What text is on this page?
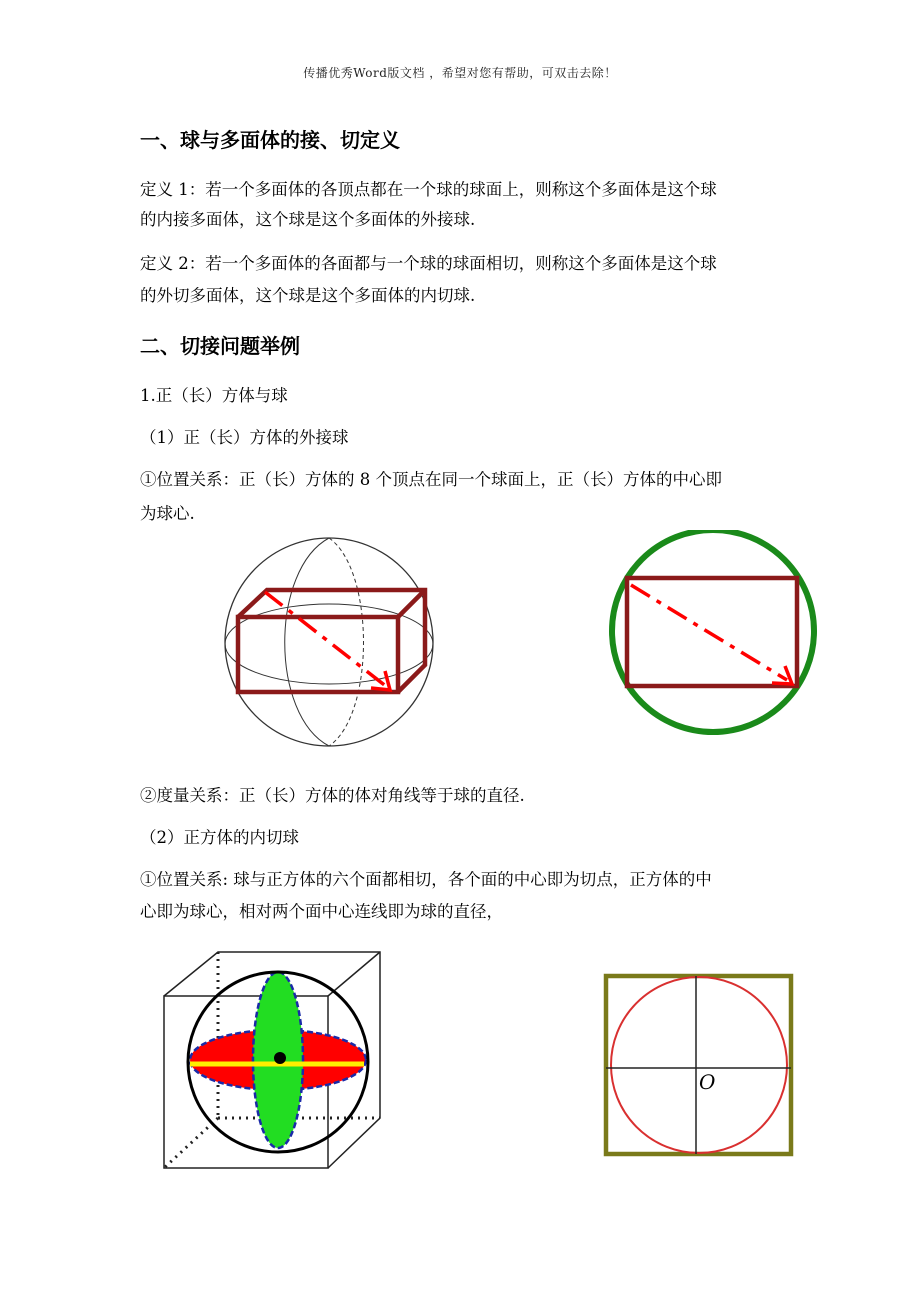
传播优秀Word版文档 ，希望对您有帮助，可双击去除！
一、球与多面体的接、切定义
定义 1：若一个多面体的各顶点都在一个球的球面上，则称这个多面体是这个球
的内接多面体，这个球是这个多面体的外接球.
定义 2：若一个多面体的各面都与一个球的球面相切，则称这个多面体是这个球
的外切多面体，这个球是这个多面体的内切球.
二、切接问题举例
1.正（长）方体与球
（1）正（长）方体的外接球
①位置关系：正（长）方体的 8 个顶点在同一个球面上，正（长）方体的中心即
为球心.
②度量关系：正（长）方体的体对角线等于球的直径.
（2）正方体的内切球
①位置关系: 球与正方体的六个面都相切，各个面的中心即为切点，正方体的中
心即为球心，相对两个面中心连线即为球的直径，
O
